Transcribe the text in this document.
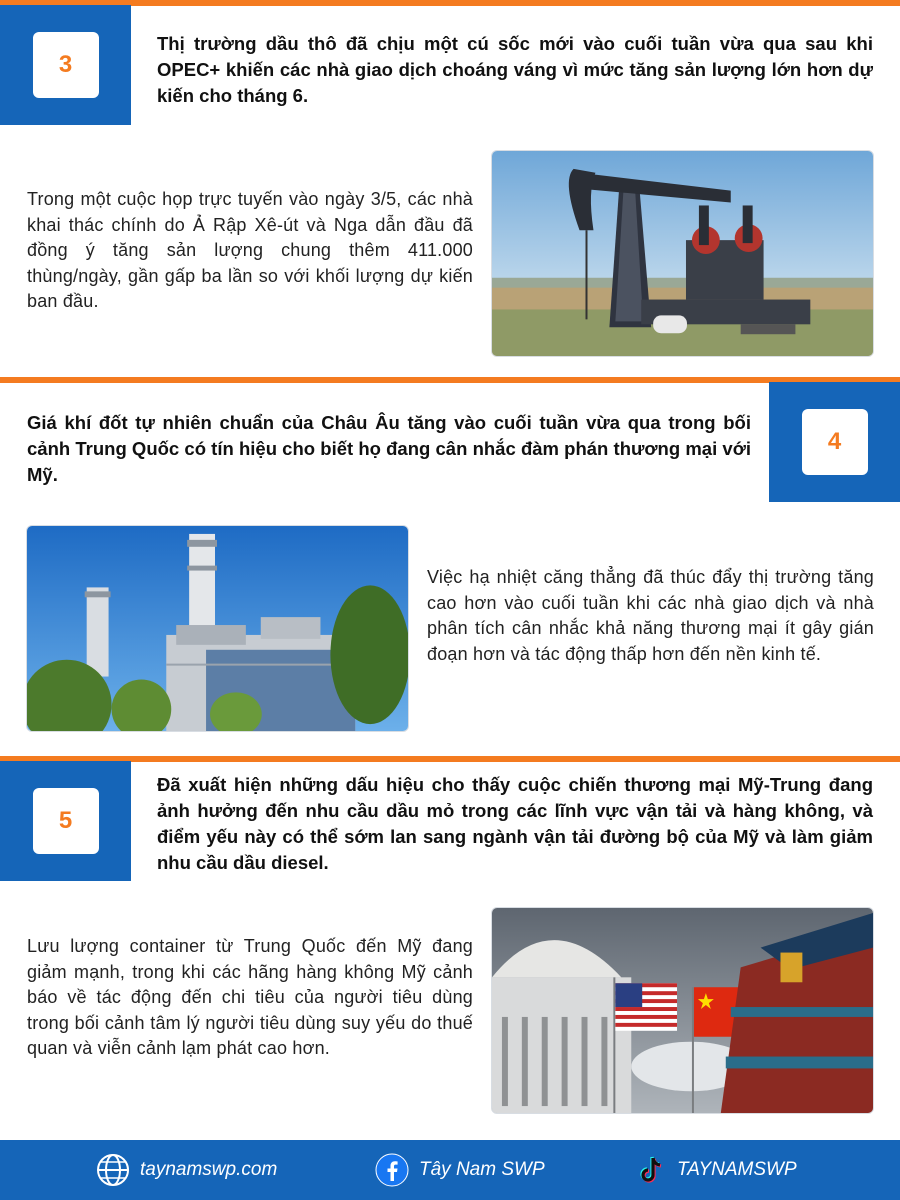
3
Thị trường dầu thô đã chịu một cú sốc mới vào cuối tuần vừa qua sau khi OPEC+ khiến các nhà giao dịch choáng váng vì mức tăng sản lượng lớn hơn dự kiến cho tháng 6.
Trong một cuộc họp trực tuyến vào ngày 3/5, các nhà khai thác chính do Ả Rập Xê-út và Nga dẫn đầu đã đồng ý tăng sản lượng chung thêm 411.000 thùng/ngày, gần gấp ba lần so với khối lượng dự kiến ban đầu.
4
Giá khí đốt tự nhiên chuẩn của Châu Âu tăng vào cuối tuần vừa qua trong bối cảnh Trung Quốc có tín hiệu cho biết họ đang cân nhắc đàm phán thương mại với Mỹ.
Việc hạ nhiệt căng thẳng đã thúc đẩy thị trường tăng cao hơn vào cuối tuần khi các nhà giao dịch và nhà phân tích cân nhắc khả năng thương mại ít gây gián đoạn hơn và tác động thấp hơn đến nền kinh tế.
5
Đã xuất hiện những dấu hiệu cho thấy cuộc chiến thương mại Mỹ-Trung đang ảnh hưởng đến nhu cầu dầu mỏ trong các lĩnh vực vận tải và hàng không, và điểm yếu này có thể sớm lan sang ngành vận tải đường bộ của Mỹ và làm giảm nhu cầu dầu diesel.
Lưu lượng container từ Trung Quốc đến Mỹ đang giảm mạnh, trong khi các hãng hàng không Mỹ cảnh báo về tác động đến chi tiêu của người tiêu dùng trong bối cảnh tâm lý người tiêu dùng suy yếu do thuế quan và viễn cảnh lạm phát cao hơn.
taynamswp.com	Tây Nam SWP	TAYNAMSWP
